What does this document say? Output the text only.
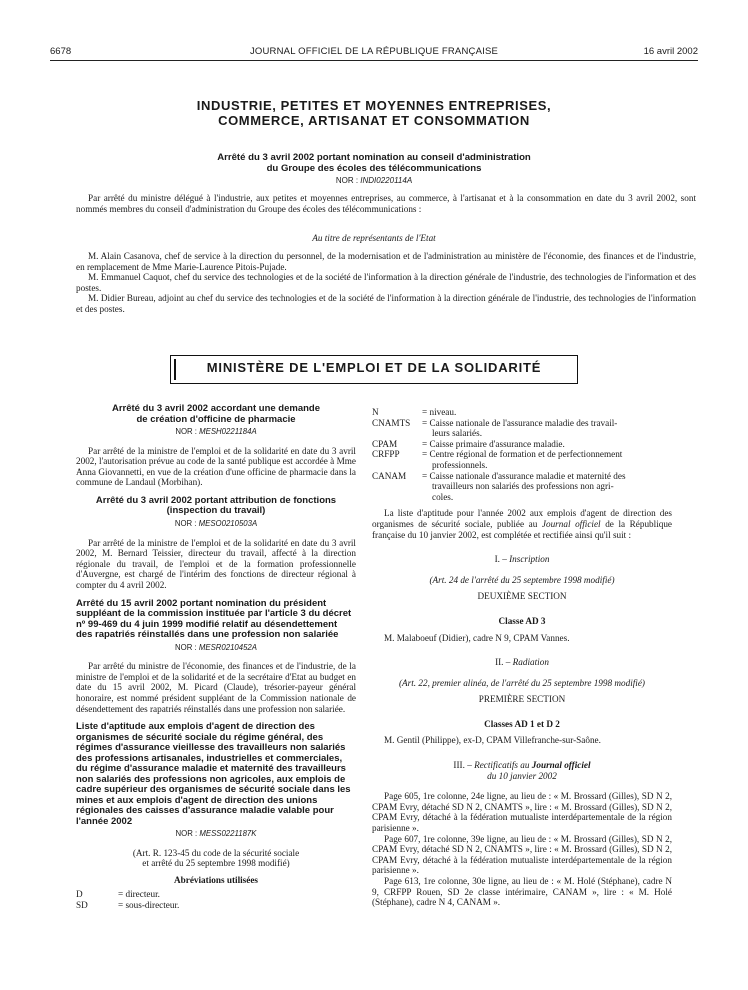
6678	JOURNAL OFFICIEL DE LA RÉPUBLIQUE FRANÇAISE	16 avril 2002
INDUSTRIE, PETITES ET MOYENNES ENTREPRISES,
COMMERCE, ARTISANAT ET CONSOMMATION
Arrêté du 3 avril 2002 portant nomination au conseil d'administration
du Groupe des écoles des télécommunications
NOR : INDI0220114A

Par arrêté du ministre délégué à l'industrie, aux petites et moyennes entreprises, au commerce, à l'artisanat et à la consommation en date du 3 avril 2002, sont nommés membres du conseil d'administration du Groupe des écoles des télécommunications :

Au titre de représentants de l'Etat

M. Alain Casanova, chef de service à la direction du personnel, de la modernisation et de l'administration au ministère de l'économie, des finances et de l'industrie, en remplacement de Mme Marie-Laurence Pitois-Pujade.

M. Emmanuel Caquot, chef du service des technologies et de la société de l'information à la direction générale de l'industrie, des technologies de l'information et des postes.

M. Didier Bureau, adjoint au chef du service des technologies et de la société de l'information à la direction générale de l'industrie, des technologies de l'information et des postes.

MINISTÈRE DE L'EMPLOI ET DE LA SOLIDARITÉ
Arrêté du 3 avril 2002 accordant une demande
de création d'officine de pharmacie
NOR : MESH0221184A

Par arrêté de la ministre de l'emploi et de la solidarité en date du 3 avril 2002, l'autorisation prévue au code de la santé publique est accordée à Mme Anna Giovannetti, en vue de la création d'une officine de pharmacie dans la commune de Landaul (Morbihan).

Arrêté du 3 avril 2002 portant attribution de fonctions
(inspection du travail)
NOR : MESO0210503A

Par arrêté de la ministre de l'emploi et de la solidarité en date du 3 avril 2002, M. Bernard Teissier, directeur du travail, affecté à la direction régionale du travail, de l'emploi et de la formation professionnelle d'Auvergne, est chargé de l'intérim des fonctions de directeur régional à compter du 4 avril 2002.

Arrêté du 15 avril 2002 portant nomination du président suppléant de la commission instituée par l'article 3 du décret nº 99-469 du 4 juin 1999 modifié relatif au désendettement des rapatriés réinstallés dans une profession non salariée
NOR : MESR0210452A

Par arrêté du ministre de l'économie, des finances et de l'industrie, de la ministre de l'emploi et de la solidarité et de la secrétaire d'Etat au budget en date du 15 avril 2002, M. Picard (Claude), trésorier-payeur général honoraire, est nommé président suppléant de la Commission nationale de désendettement des rapatriés réinstallés dans une profession non salariée.

Liste d'aptitude aux emplois d'agent de direction des organismes de sécurité sociale du régime général, des régimes d'assurance vieillesse des travailleurs non salariés des professions artisanales, industrielles et commerciales, du régime d'assurance maladie et maternité des travailleurs non salariés des professions non agricoles, aux emplois de cadre supérieur des organismes de sécurité sociale dans les mines et aux emplois d'agent de direction des unions régionales des caisses d'assurance maladie valable pour l'année 2002
NOR : MESS0221187K
(Art. R. 123-45 du code de la sécurité sociale
et arrêté du 25 septembre 1998 modifié)
Abréviations utilisées
D	= directeur.
SD	= sous-directeur.
N	= niveau.
CNAMTS	= Caisse nationale de l'assurance maladie des travail-
leurs salariés.
CPAM	= Caisse primaire d'assurance maladie.
CRFPP	= Centre régional de formation et de perfectionnement
professionnels.
CANAM	= Caisse nationale d'assurance maladie et maternité des
travailleurs non salariés des professions non agri-
coles.

La liste d'aptitude pour l'année 2002 aux emplois d'agent de direction des organismes de sécurité sociale, publiée au Journal officiel de la République française du 10 janvier 2002, est complétée et rectifiée ainsi qu'il suit :

I. – Inscription
(Art. 24 de l'arrêté du 25 septembre 1998 modifié)
DEUXIÈME SECTION
Classe AD 3

M. Malaboeuf (Didier), cadre N 9, CPAM Vannes.

II. – Radiation
(Art. 22, premier alinéa, de l'arrêté du 25 septembre 1998 modifié)
PREMIÈRE SECTION
Classes AD 1 et D 2

M. Gentil (Philippe), ex-D, CPAM Villefranche-sur-Saône.

III. – Rectificatifs au Journal officiel
du 10 janvier 2002

Page 605, 1re colonne, 24e ligne, au lieu de : « M. Brossard (Gilles), SD N 2, CPAM Evry, détaché SD N 2, CNAMTS », lire : « M. Brossard (Gilles), SD N 2, CPAM Evry, détaché à la fédération mutualiste interdépartementale de la région parisienne ».

Page 607, 1re colonne, 39e ligne, au lieu de : « M. Brossard (Gilles), SD N 2, CPAM Evry, détaché SD N 2, CNAMTS », lire : « M. Brossard (Gilles), SD N 2, CPAM Evry, détaché à la fédération mutualiste interdépartementale de la région parisienne ».

Page 613, 1re colonne, 30e ligne, au lieu de : « M. Holé (Stéphane), cadre N 9, CRFPP Rouen, SD 2e classe intérimaire, CANAM », lire : « M. Holé (Stéphane), cadre N 4, CANAM ».
